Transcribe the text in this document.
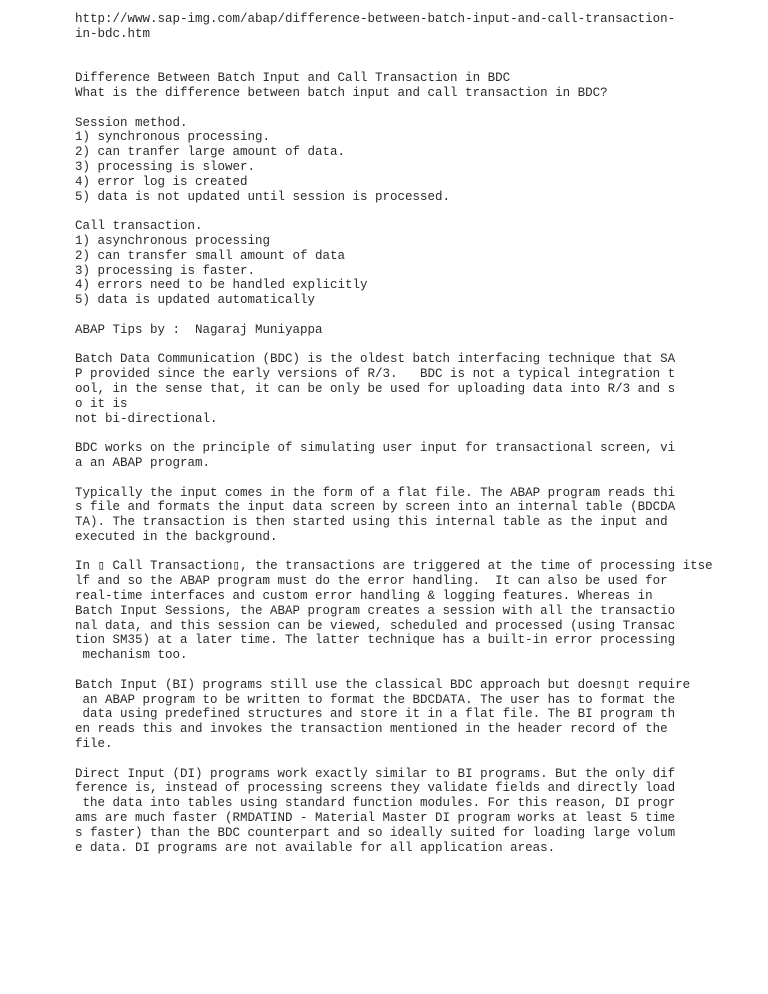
http://www.sap-img.com/abap/difference-between-batch-input-and-call-transaction-
in-bdc.htm
Difference Between Batch Input and Call Transaction in BDC
What is the difference between batch input and call transaction in BDC?
Session method.
1) synchronous processing.
2) can tranfer large amount of data.
3) processing is slower.
4) error log is created
5) data is not updated until session is processed.
Call transaction.
1) asynchronous processing
2) can transfer small amount of data
3) processing is faster.
4) errors need to be handled explicitly
5) data is updated automatically
ABAP Tips by :  Nagaraj Muniyappa
Batch Data Communication (BDC) is the oldest batch interfacing technique that SA
P provided since the early versions of R/3.   BDC is not a typical integration t
ool, in the sense that, it can be only be used for uploading data into R/3 and s
o it is
not bi-directional.
BDC works on the principle of simulating user input for transactional screen, vi
a an ABAP program.
Typically the input comes in the form of a flat file. The ABAP program reads thi
s file and formats the input data screen by screen into an internal table (BDCDA
TA). The transaction is then started using this internal table as the input and
executed in the background.
In ▯ Call Transaction▯, the transactions are triggered at the time of processing itse
lf and so the ABAP program must do the error handling.  It can also be used for
real-time interfaces and custom error handling & logging features. Whereas in
Batch Input Sessions, the ABAP program creates a session with all the transactio
nal data, and this session can be viewed, scheduled and processed (using Transac
tion SM35) at a later time. The latter technique has a built-in error processing
mechanism too.
Batch Input (BI) programs still use the classical BDC approach but doesn▯t require
an ABAP program to be written to format the BDCDATA. The user has to format the
data using predefined structures and store it in a flat file. The BI program th
en reads this and invokes the transaction mentioned in the header record of the
file.
Direct Input (DI) programs work exactly similar to BI programs. But the only dif
ference is, instead of processing screens they validate fields and directly load
the data into tables using standard function modules. For this reason, DI progr
ams are much faster (RMDATIND - Material Master DI program works at least 5 time
s faster) than the BDC counterpart and so ideally suited for loading large volum
e data. DI programs are not available for all application areas.
